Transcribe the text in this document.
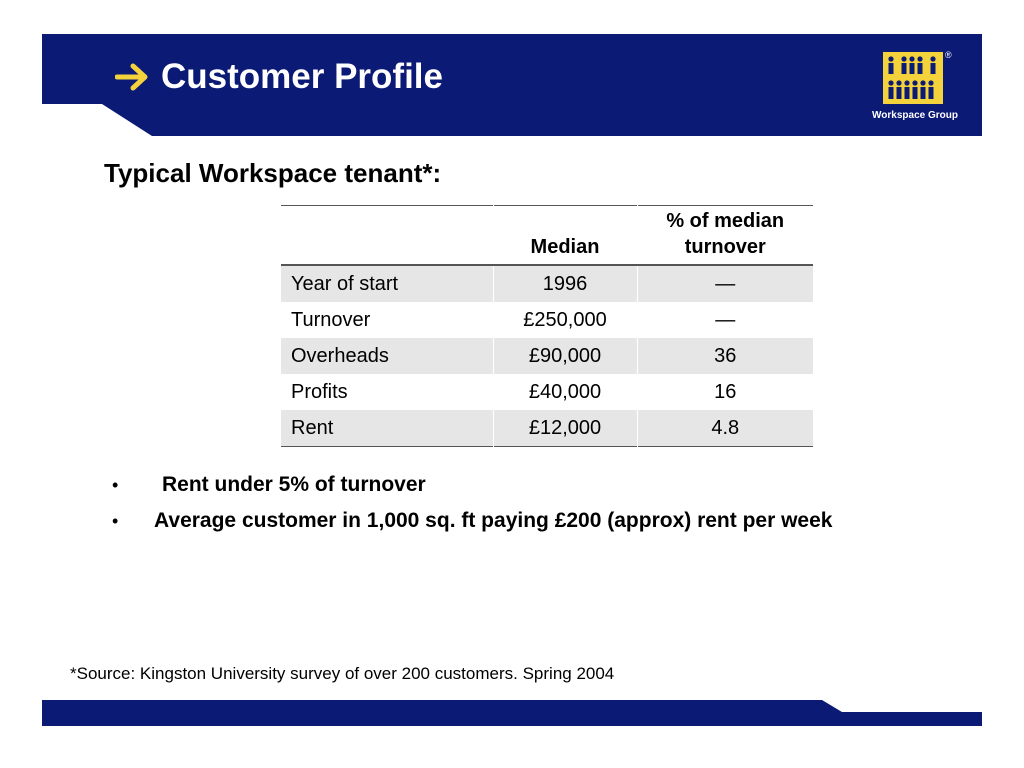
Customer Profile
®
Workspace Group
Typical Workspace tenant*:
	Median	% of median turnover
Year of start	1996	—
Turnover	£250,000	—
Overheads	£90,000	36
Profits	£40,000	16
Rent	£12,000	4.8
• Rent under 5% of turnover
• Average customer in 1,000 sq. ft paying £200 (approx) rent per week
*Source: Kingston University survey of over 200 customers. Spring 2004
